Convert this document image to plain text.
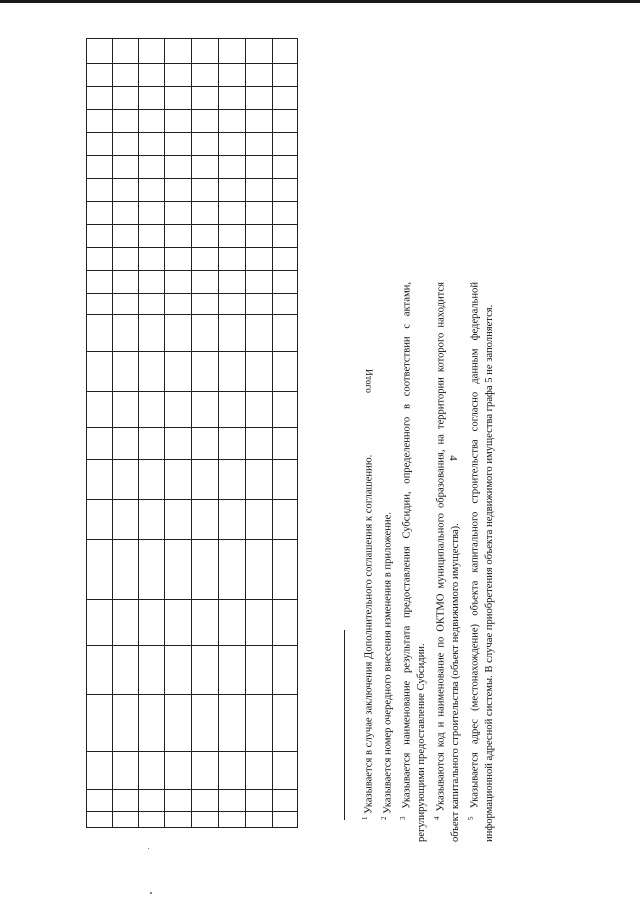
4
Итого

$^1$ Указывается в случае заключения Дополнительного соглашения к соглашению.

$^2$ Указывается номер очередного внесения изменения в приложение.

$^3$ Указывается наименование результата предоставления Субсидии, определенного в соответствии с актами, регулирующими предоставление Субсидии. $^4$ Указываются код и наименование по ОКТМО муниципального образования, на территории которого находится объект капитального строительства (объект недвижимого имущества). $^5$ Указывается адрес (местонахождение) объекта капитального строительства согласно данным федеральной информационной адресной системы. В случае приобретения объекта недвижимого имущества графа 5 не заполняется.
